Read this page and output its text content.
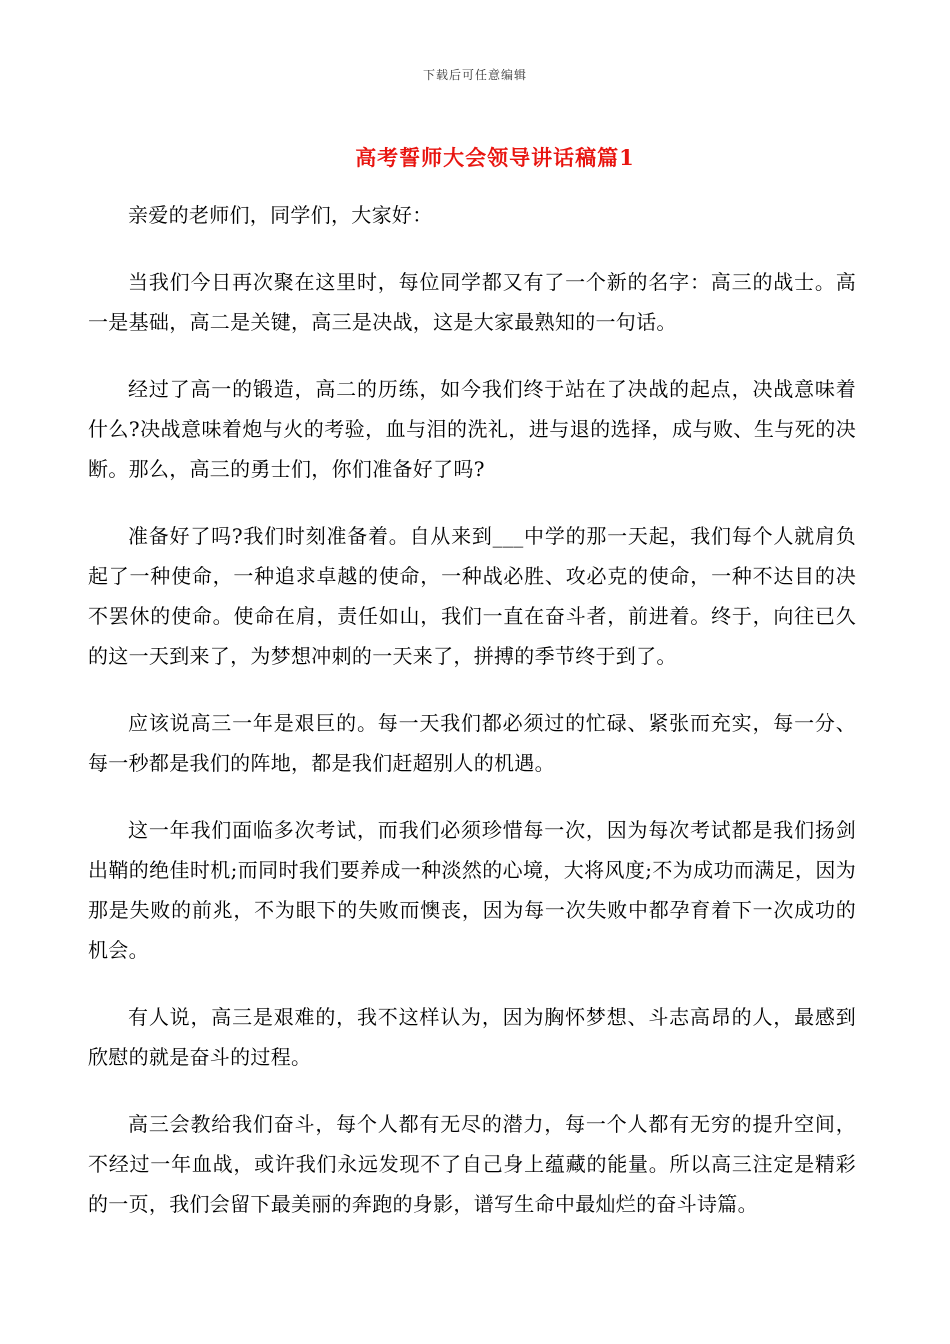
下载后可任意编辑
高考誓师大会领导讲话稿篇1

亲爱的老师们，同学们，大家好：

当我们今日再次聚在这里时，每位同学都又有了一个新的名字：高三的战士。高一是基础，高二是关键，高三是决战，这是大家最熟知的一句话。

经过了高一的锻造，高二的历练，如今我们终于站在了决战的起点，决战意味着什么?决战意味着炮与火的考验，血与泪的洗礼，进与退的选择，成与败、生与死的决断。那么，高三的勇士们，你们准备好了吗?

准备好了吗?我们时刻准备着。自从来到___中学的那一天起，我们每个人就肩负起了一种使命，一种追求卓越的使命，一种战必胜、攻必克的使命，一种不达目的决不罢休的使命。使命在肩，责任如山，我们一直在奋斗者，前进着。终于，向往已久的这一天到来了，为梦想冲刺的一天来了，拼搏的季节终于到了。

应该说高三一年是艰巨的。每一天我们都必须过的忙碌、紧张而充实，每一分、每一秒都是我们的阵地，都是我们赶超别人的机遇。

这一年我们面临多次考试，而我们必须珍惜每一次，因为每次考试都是我们扬剑出鞘的绝佳时机;而同时我们要养成一种淡然的心境，大将风度;不为成功而满足，因为那是失败的前兆，不为眼下的失败而懊丧，因为每一次失败中都孕育着下一次成功的机会。

有人说，高三是艰难的，我不这样认为，因为胸怀梦想、斗志高昂的人，最感到欣慰的就是奋斗的过程。

高三会教给我们奋斗，每个人都有无尽的潜力，每一个人都有无穷的提升空间，不经过一年血战，或许我们永远发现不了自己身上蕴藏的能量。所以高三注定是精彩的一页，我们会留下最美丽的奔跑的身影，谱写生命中最灿烂的奋斗诗篇。
